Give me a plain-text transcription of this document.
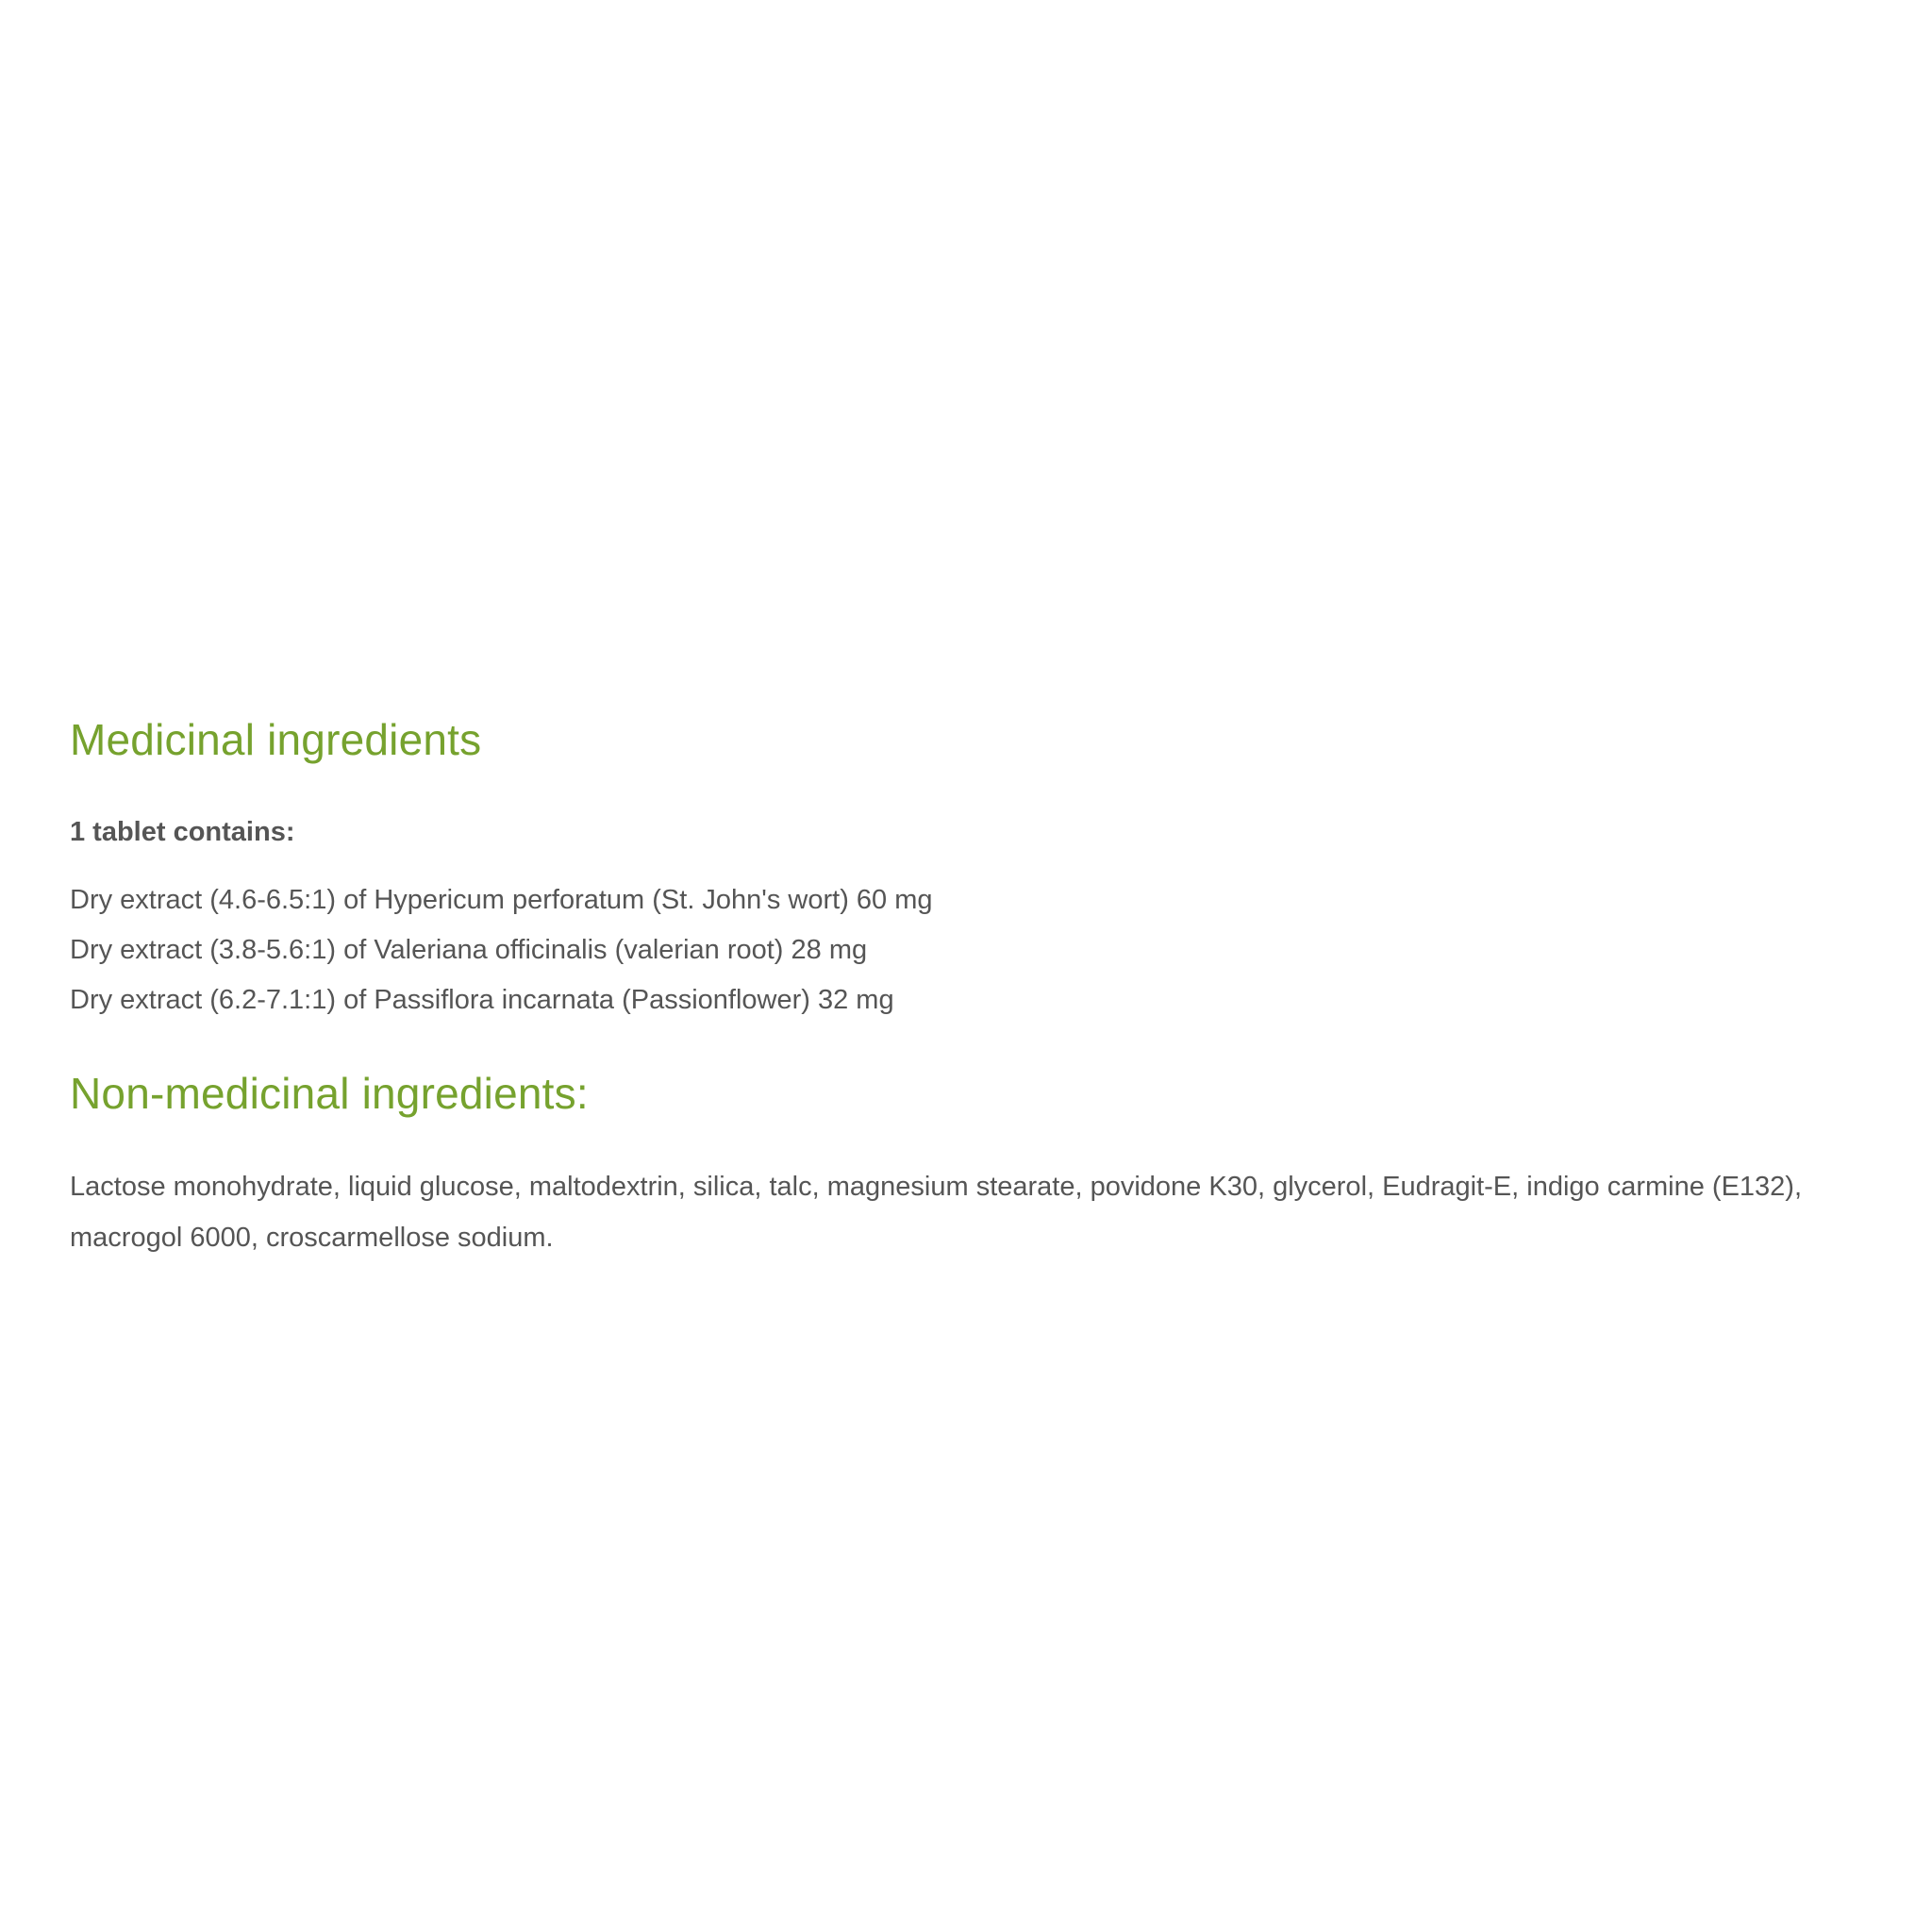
Medicinal ingredients

1 tablet contains:

Dry extract (4.6-6.5:1) of Hypericum perforatum (St. John's wort) 60 mg
Dry extract (3.8-5.6:1) of Valeriana officinalis (valerian root) 28 mg
Dry extract (6.2-7.1:1) of Passiflora incarnata (Passionflower) 32 mg
Non-medicinal ingredients:

Lactose monohydrate, liquid glucose, maltodextrin, silica, talc, magnesium stearate, povidone K30, glycerol, Eudragit-E, indigo carmine (E132), macrogol 6000, croscarmellose sodium.
